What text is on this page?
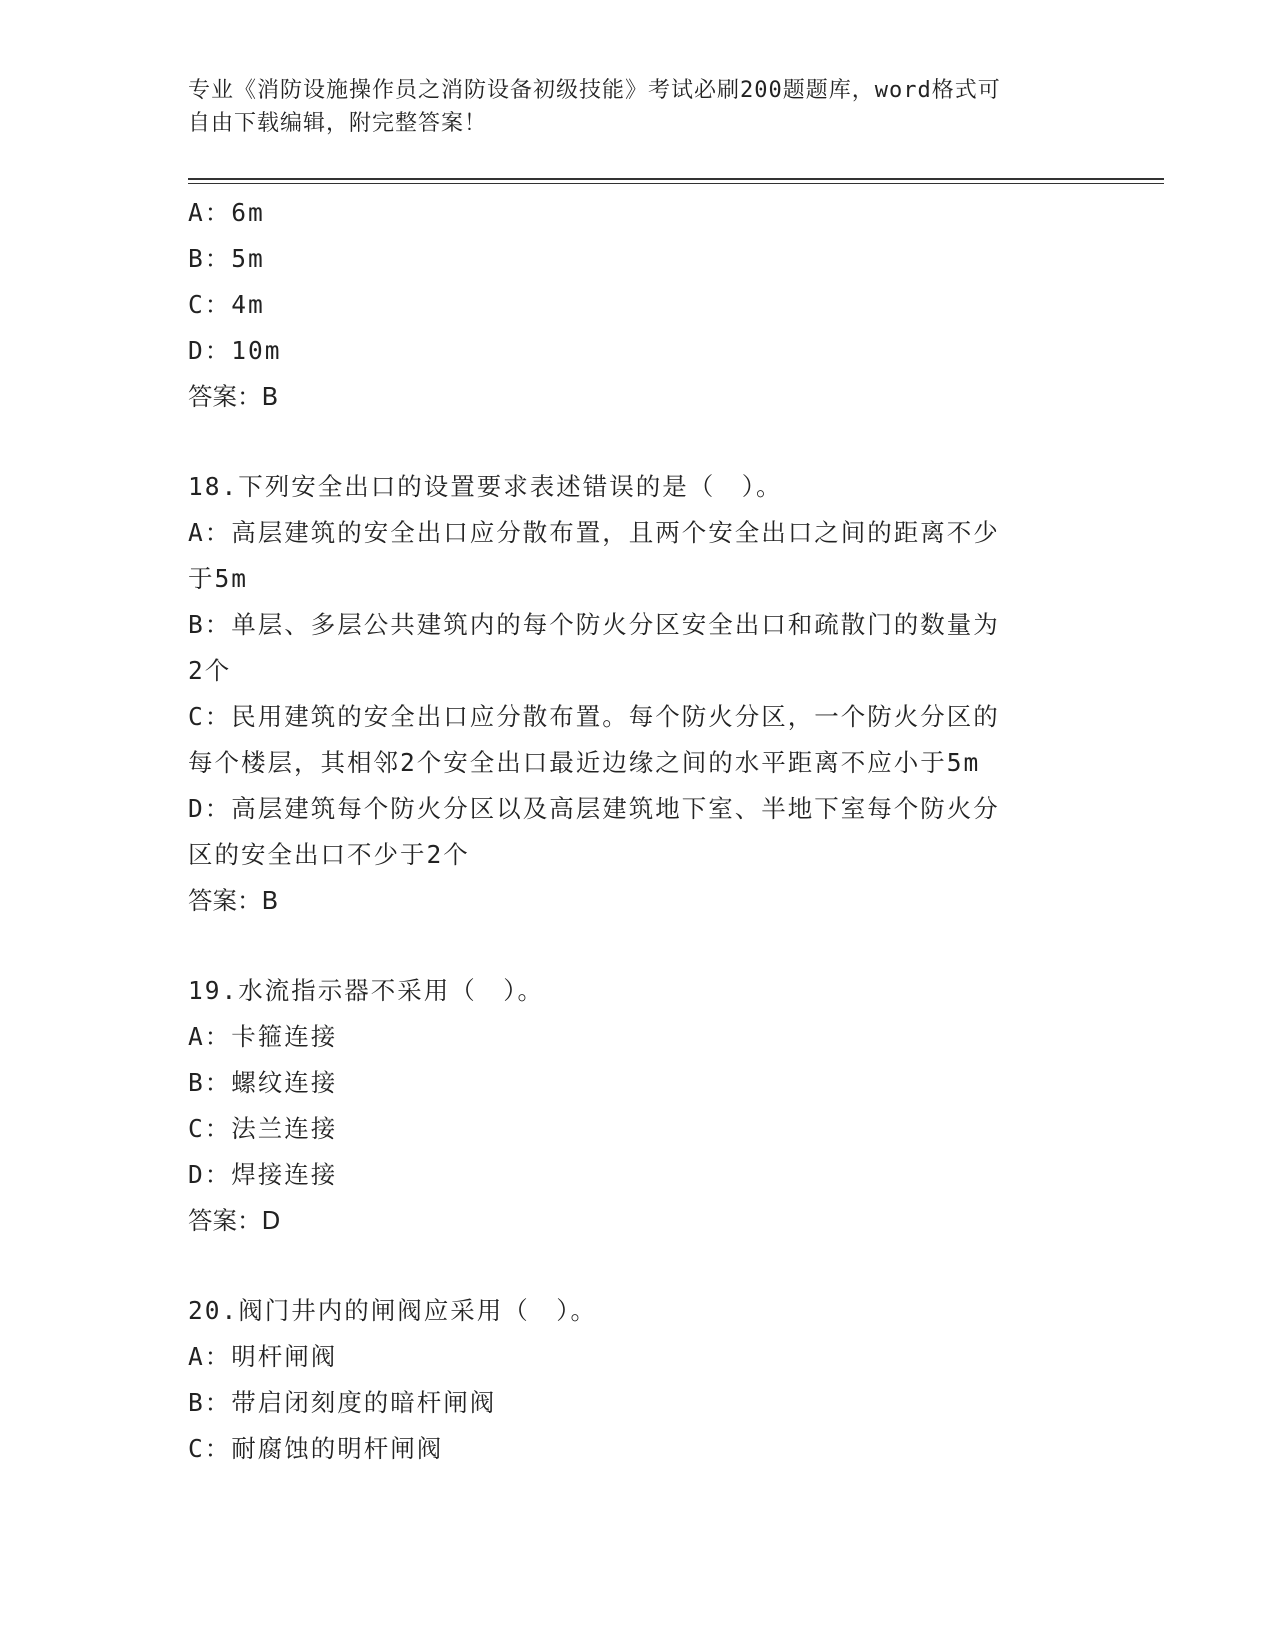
专业《消防设施操作员之消防设备初级技能》考试必刷200题题库，word格式可
自由下载编辑，附完整答案！

A：6m

B：5m

C：4m

D：10m

答案：B

18.下列安全出口的设置要求表述错误的是（　）。

A：高层建筑的安全出口应分散布置，且两个安全出口之间的距离不少

于5m

B：单层、多层公共建筑内的每个防火分区安全出口和疏散门的数量为

2个

C：民用建筑的安全出口应分散布置。每个防火分区，一个防火分区的

每个楼层，其相邻2个安全出口最近边缘之间的水平距离不应小于5m

D：高层建筑每个防火分区以及高层建筑地下室、半地下室每个防火分

区的安全出口不少于2个

答案：B

19.水流指示器不采用（　）。

A：卡箍连接

B：螺纹连接

C：法兰连接

D：焊接连接

答案：D

20.阀门井内的闸阀应采用（　）。

A：明杆闸阀

B：带启闭刻度的暗杆闸阀

C：耐腐蚀的明杆闸阀
